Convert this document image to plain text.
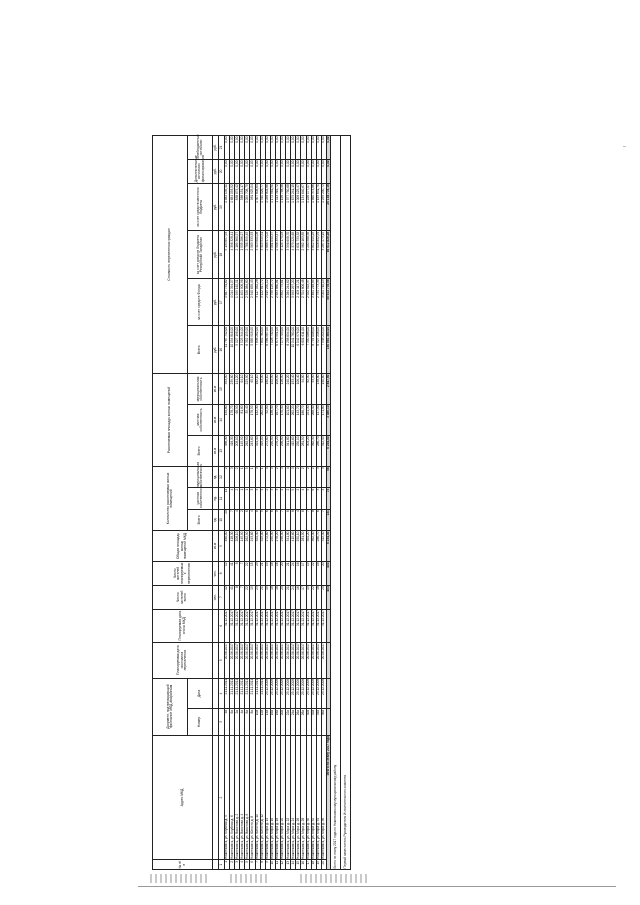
№ п/п	Адрес МКД	Документ, подтверждающий признание МКД аварийным		Планируемая дата окончания переселения	Планируемая дата сноса МКД	Число жителей всего	Число жителей планируемых к переселению	Общая площадь жилых помещений МКД	Количество расселяемых жилых помещений			Расселяемая площадь жилых помещений			Стоимость переселения граждан					
		Номер	Дата						Всего	частная собственность	муниципальная собственность	Всего	частная собственность	муниципальная собственность	Всего	за счет средств Фонда	за счет средств бюджета Республики Татарстан	за счет средств местного бюджета	Дополнительные источники финансирования	Внебюджетные источники
						чел.	чел.	кв.м	ед.	ед.	ед.	кв.м	кв.м	кв.м	руб.	руб.	руб.	руб.	руб.	руб.
1	2	3	4	5	6	7	8	9	10	11	12	13	14	15	16	17	18	19	20	21
1	Нижнекамск, ул. Клубная д. 4	4а	21.11.2011	20.06.2017	31.12.2017	12	12	480,50	20	14	2	488,30	134,80	353,50	11 787 742,00	4 687 731,62	5 133 657,93	1 482 139,41	0,00	0,00
2	Нижнекамск, ул. Клубная д. 6	6а	21.11.2011	20.06.2017	31.12.2017	41	41	418,30	7	4	3	418,30	178,70	239,60	10 094 816,00	4 014 394,07	4 396 328,41	1 684 093,52	0,00	0,00
3	Нижнекамск, ул. Вахитова д. 2	2а	21.11.2011	20.06.2017	31.12.2017	8	8	208,10	4	2	2	208,10	66,90	141,20	5 027 196,00	1 999 162,01	2 189 360,57	838 673,42	0,00	0,00
4	Нижнекамск, ул. Вахитова д. 4	4а	21.11.2011	20.06.2017	31.12.2017	7	7	145,90	2	1	1	145,90	81,80	64,10	3 525 344,00	1 401 906,56	1 535 286,27	588 151,17	0,00	0,00
5	Нижнекамск, ул. Вахитова д. 6	6а	21.11.2011	20.06.2017	31.12.2017	22	22	262,90	6	1	5	262,90	39,40	223,50	6 352 193,00	2 526 084,80	2 766 399,45	1 059 708,75	0,00	0,00
6	Нижнекамск, ул. Юности д. 8	8а	21.11.2011	20.06.2017	31.12.2017	15	15	243,60	4	3	1	243,60	178,50	65,10	5 885 918,00	2 340 659,43	2 563 333,53	981 925,04	0,00	0,00
7	Нижнекамск, ул. Юности д. 10	10а	21.11.2011	20.06.2017	31.12.2017	23	23	324,40	6	3	3	324,40	142,30	182,10	7 838 262,00	3 117 052,28	3 413 601,08	1 307 608,64	0,00	0,00
8	Нижнекамск, ул. Юности д. 12	12а	21.11.2011	20.06.2017	31.12.2017	21	21	325,00	5	4	1	325,00	262,00	63,00	7 852 760,00	3 122 817,72	3 419 915,51	1 310 026,77	0,00	0,00
9	Нижнекамск, ул. Мира д. 14	14а	23.12.2008	20.06.2017	31.12.2017	19	19	272,60	6	2	4	272,60	92,50	180,10	6 586 567,00	2 619 290,12	2 868 472,02	1 098 804,86	0,00	0,00
10	Нижнекамск, ул. Мира д. 16	16а	23.12.2008	20.06.2017	31.12.2017	18	18	290,90	6	3	3	290,90	138,40	152,50	7 028 732,00	2 795 129,72	3 061 040,37	1 172 561,91	0,00	0,00
11	Нижнекамск, ул. Мира д. 18	18а	23.12.2008	20.06.2017	31.12.2017	16	16	276,20	5	3	2	276,20	167,70	108,50	6 673 551,00	2 653 880,81	2 906 353,47	1 113 316,72	0,00	0,00
12	Нижнекамск, ул. Мира д. 20	20а	23.12.2008	20.06.2017	31.12.2017	20	20	296,90	7	4	3	296,90	170,40	126,50	7 173 703,00	2 852 779,61	3 124 174,93	1 196 748,46	0,00	0,00
13	Нижнекамск, ул. Мира д. 22	22а	23.12.2008	20.06.2017	31.12.2017	21	21	341,80	6	2	4	341,80	101,60	240,20	8 258 694,00	3 284 244,62	3 596 698,70	1 377 750,68	0,00	0,00
14	Нижнекамск, ул. Мира д. 24	24а	23.12.2008	20.06.2017	31.12.2017	24	24	415,60	8	5	3	415,60	262,20	153,40	10 041 760,00	3 993 297,20	4 373 221,65	1 675 241,15	0,00	0,00
15	Нижнекамск, ул. Мира д. 26	26а	23.12.2008	20.06.2017	31.12.2017	16	16	250,10	4	2	2	250,10	143,70	106,40	6 042 976,00	2 403 117,21	2 631 733,32	1 008 125,47	0,00	0,00
16	Нижнекамск, ул. Мира д. 28	28а	23.12.2008	20.06.2017	31.12.2017	17	17	281,50	6	4	2	281,50	186,70	94,80	6 801 611,00	2 704 806,48	2 962 163,85	1 134 640,67	0,00	0,00
17	Нижнекамск, ул. Мира д. 30	30а	23.12.2008	20.06.2017	31.12.2017	19	19	304,20	7	5	2	304,20	221,30	82,90	7 350 088,00	2 922 922,37	3 200 988,56	1 226 177,07	0,00	0,00
18	Нижнекамск, ул. Мира д. 32	32а	23.12.2008	20.06.2017	31.12.2017	22	22	362,30	8	6	2	362,30	268,40	93,90	8 754 008,00	3 481 218,85	3 812 414,29	1 460 374,86	0,00	0,00
19	Нижнекамск, ул. Мира д. 34	34а	23.12.2008	20.06.2017	31.12.2017	18	18	286,70	6	3	3	286,70	147,90	138,80	6 927 248,00	2 754 773,35	3 016 842,94	1 155 631,71	0,00	0,00
20	Нижнекамск, ул. Мира д. 36	36а	23.12.2008	20.06.2017	31.12.2017	20	20	312,40	7	4	3	312,40	171,80	140,60	7 548 214,00	3 001 710,13	3 287 273,15	1 259 230,72	0,00	0,00
Итого по этапу 2017 года						403	403	6 234,00	131	73	58	6 234,00	3 386,10	2 847,90	150 661 383,00	59 913 778,56	65 612 826,28	25 134 778,16	0,00	0,00
Всего по этапу 2017 года по Нижнекамскому муниципальному району																				
Первый заместитель Руководителя Исполнительного комитета																				
